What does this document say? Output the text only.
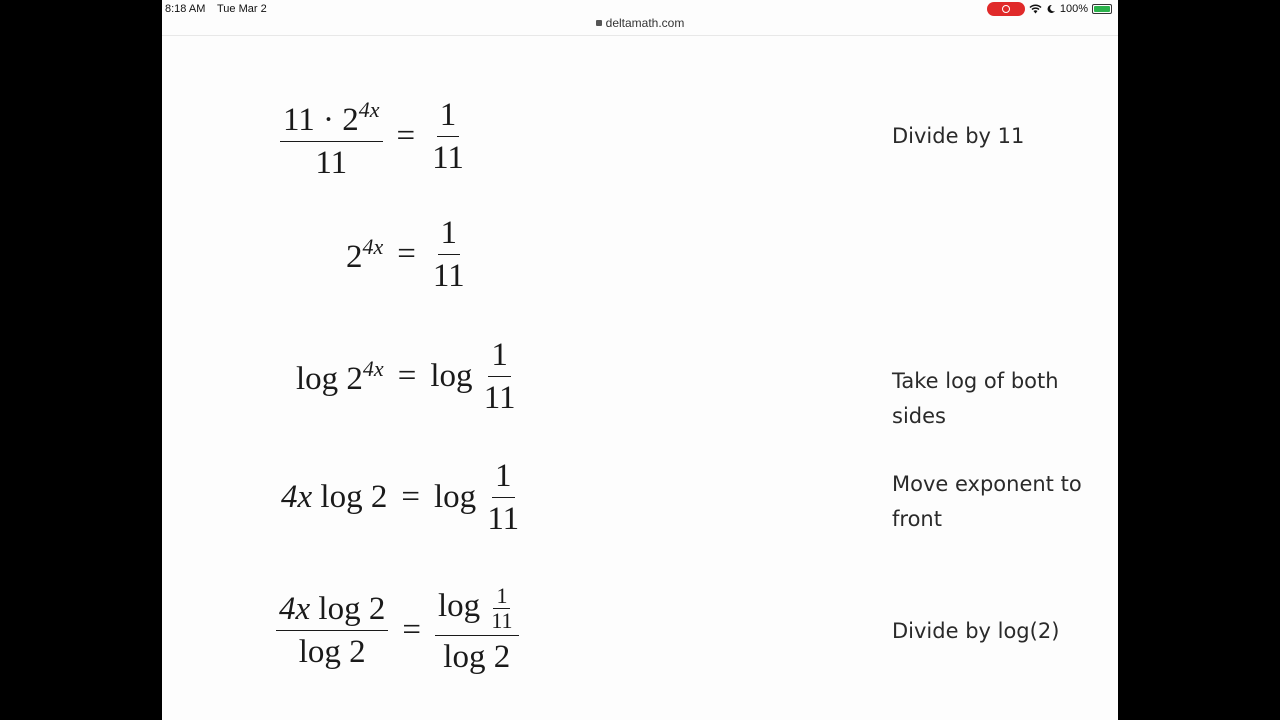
8:18 AM Tue Mar 2	100%
deltamath.com
$\frac{11 \cdot 2^{4x}}{11} = \frac{1}{11}$	Divide by 11
$2^{4x} = \frac{1}{11}$
$\log 2^{4x} = \log \frac{1}{11}$	Take log of both sides
4x $\log 2 = \log \frac{1}{11}$	Move exponent to front
$\frac{\text{4x log 2}}{\log 2} = \frac{\log \frac{1}{11}}{\log 2}$	Divide by log(2)
